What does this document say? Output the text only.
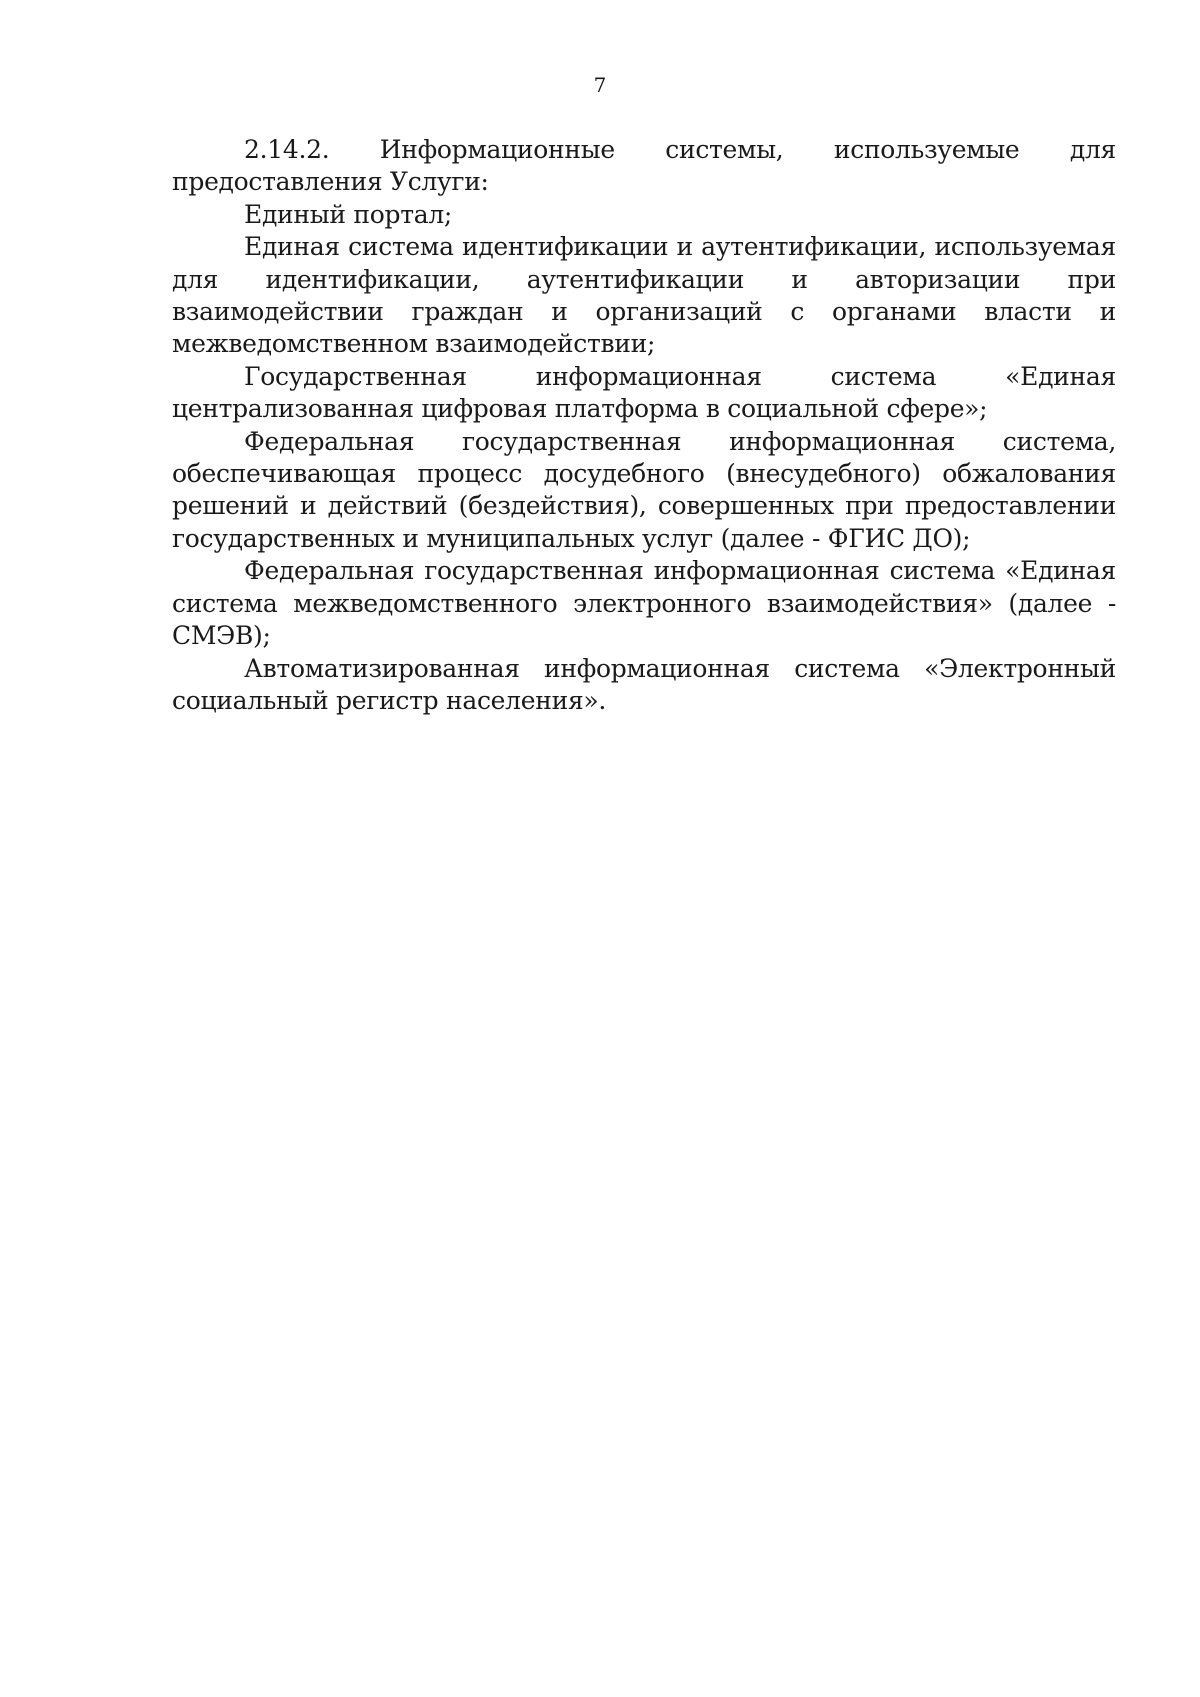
7

2.14.2. Информационные системы, используемые для предоставления Услуги:

Единый портал;

Единая система идентификации и аутентификации, используемая для идентификации, аутентификации и авторизации при взаимодействии граждан и организаций с органами власти и межведомственном взаимодействии;

Государственная информационная система «Единая централизованная цифровая платформа в социальной сфере»;

Федеральная государственная информационная система, обеспечивающая процесс досудебного (внесудебного) обжалования решений и действий (бездействия), совершенных при предоставлении государственных и муниципальных услуг (далее - ФГИС ДО);

Федеральная государственная информационная система «Единая система межведомственного электронного взаимодействия» (далее - СМЭВ);

Автоматизированная информационная система «Электронный социальный регистр населения».
